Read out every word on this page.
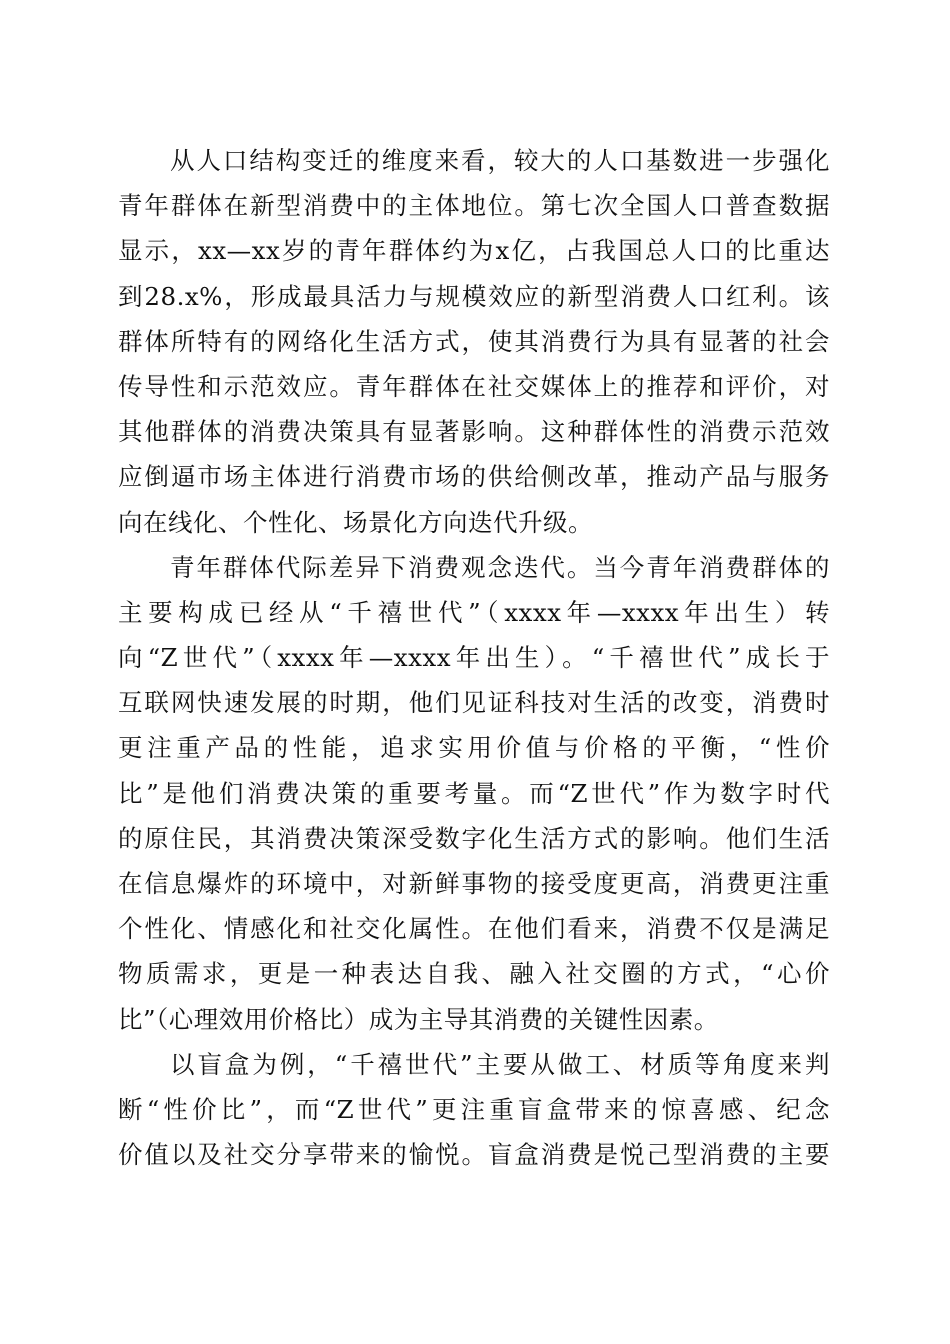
从人口结构变迁的维度来看，较大的人口基数进一步强化
青年群体在新型消费中的主体地位。第七次全国人口普查数据
显示，xx—xx岁的青年群体约为x亿，占我国总人口的比重达
到28.x%，形成最具活力与规模效应的新型消费人口红利。该
群体所特有的网络化生活方式，使其消费行为具有显著的社会
传导性和示范效应。青年群体在社交媒体上的推荐和评价，对
其他群体的消费决策具有显著影响。这种群体性的消费示范效
应倒逼市场主体进行消费市场的供给侧改革，推动产品与服务
向在线化、个性化、场景化方向迭代升级。
青年群体代际差异下消费观念迭代。当今青年消费群体的
主要构成已经从“千禧世代”（xxxx年—xxxx年出生）转
向“Z世代”（xxxx年—xxxx年出生）。“千禧世代”成长于
互联网快速发展的时期，他们见证科技对生活的改变，消费时
更注重产品的性能，追求实用价值与价格的平衡，“性价
比”是他们消费决策的重要考量。而“Z世代”作为数字时代
的原住民，其消费决策深受数字化生活方式的影响。他们生活
在信息爆炸的环境中，对新鲜事物的接受度更高，消费更注重
个性化、情感化和社交化属性。在他们看来，消费不仅是满足
物质需求，更是一种表达自我、融入社交圈的方式，“心价
比”（心理效用价格比）成为主导其消费的关键性因素。
以盲盒为例，“千禧世代”主要从做工、材质等角度来判
断“性价比”，而“Z世代”更注重盲盒带来的惊喜感、纪念
价值以及社交分享带来的愉悦。盲盒消费是悦己型消费的主要
